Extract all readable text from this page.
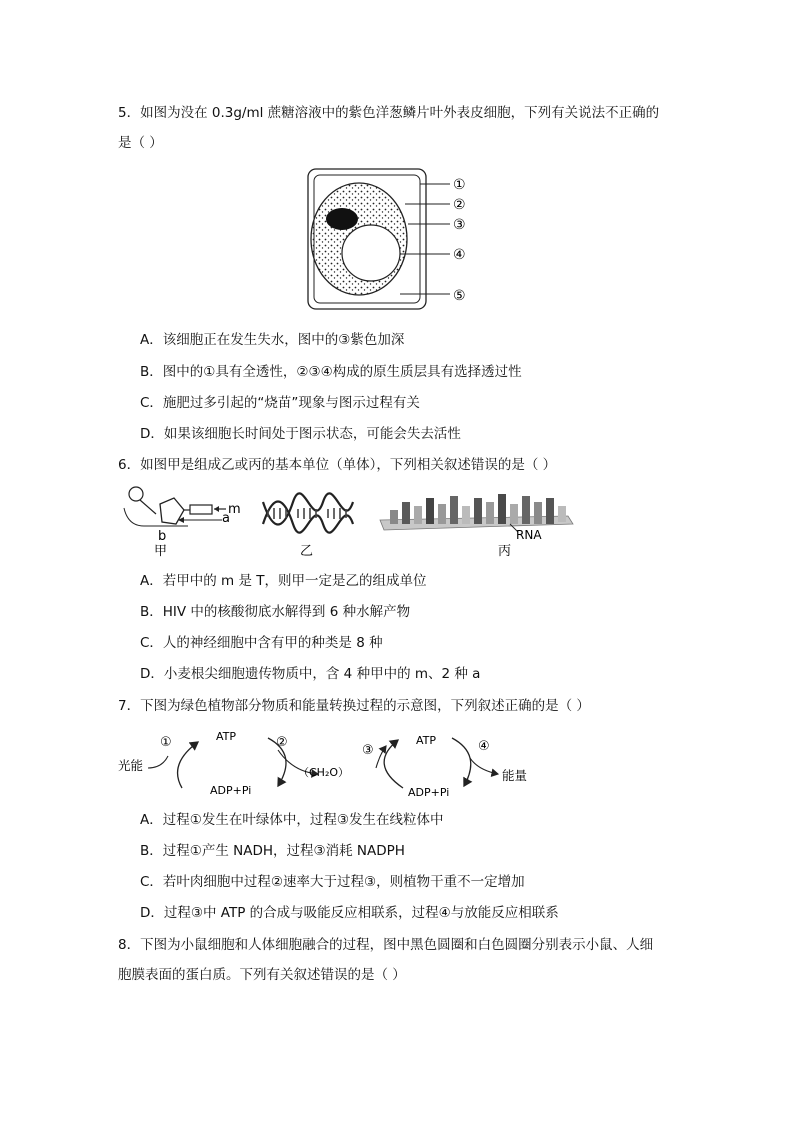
5．如图为没在 0.3g/ml 蔗糖溶液中的紫色洋葱鳞片叶外表皮细胞，下列有关说法不正确的
是（ ）
①
②
③
④
⑤
A．该细胞正在发生失水，图中的③紫色加深
B．图中的①具有全透性，②③④构成的原生质层具有选择透过性
C．施肥过多引起的“烧苗”现象与图示过程有关
D．如果该细胞长时间处于图示状态，可能会失去活性
6．如图甲是组成乙或丙的基本单位（单体），下列相关叙述错误的是（ ）
m
a
b
甲	乙
RNA
丙
A．若甲中的 m 是 T，则甲一定是乙的组成单位
B．HIV 中的核酸彻底水解得到 6 种水解产物
C．人的神经细胞中含有甲的种类是 8 种
D．小麦根尖细胞遗传物质中，含 4 种甲中的 m、2 种 a
7．下图为绿色植物部分物质和能量转换过程的示意图，下列叙述正确的是（ ）
光能
①	ATP	②
ADP+Pi
（CH₂O）
③
ATP	④
ADP+Pi
能量
A．过程①发生在叶绿体中，过程③发生在线粒体中
B．过程①产生 NADH，过程③消耗 NADPH
C．若叶肉细胞中过程②速率大于过程③，则植物干重不一定增加
D．过程③中 ATP 的合成与吸能反应相联系，过程④与放能反应相联系
8．下图为小鼠细胞和人体细胞融合的过程，图中黑色圆圈和白色圆圈分别表示小鼠、人细
胞膜表面的蛋白质。下列有关叙述错误的是（ ）
